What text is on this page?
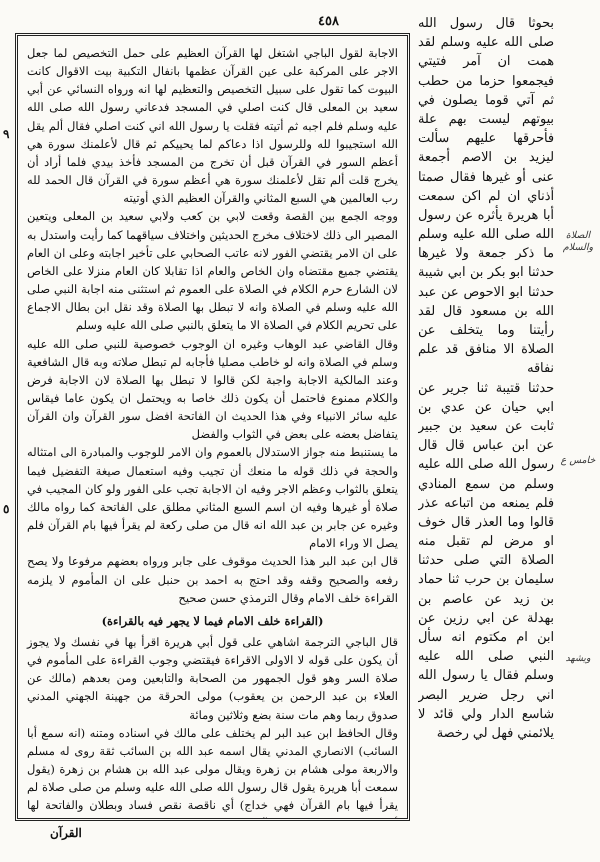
٤٥٨
٩
٥

الاجابة لقول الباجي اشتغل لها القرآن العظيم على حمل التخصيص لما جعل الاجر على المركبة على عين القرآن عظمها بانفال التكبية بيت الاقوال كانت البيوت كما تقول على سبيل التخصيص والتعظيم لها انه ورواه النسائي عن أبي سعيد بن المعلى قال كنت اصلي في المسجد فدعاني رسول الله صلى الله عليه وسلم فلم اجبه ثم أتيته فقلت يا رسول الله اني كنت اصلي فقال ألم يقل الله استجيبوا لله وللرسول اذا دعاكم لما يحييكم ثم قال لأعلمنك سورة هي أعظم السور في القرآن قبل أن تخرج من المسجد فأخذ بيدي فلما أراد أن يخرج قلت ألم تقل لأعلمنك سورة هي أعظم سورة في القرآن قال الحمد لله رب العالمين هي السبع المثاني والقرآن العظيم الذي أوتيته

ووجه الجمع بين القصة وقعت لابي بن كعب ولابي سعيد بن المعلى ويتعين المصير الى ذلك لاختلاف مخرج الحديثين واختلاف سياقهما كما رأيت واستدل به على ان الامر يقتضي الفور لانه عاتب الصحابي على تأخير اجابته وعلى ان العام يقتضي جميع مقتضاه وان الخاص والعام اذا تقابلا كان العام منزلا على الخاص لان الشارع حرم الكلام في الصلاة على العموم ثم استثنى منه اجابة النبي صلى الله عليه وسلم في الصلاة وانه لا تبطل بها الصلاة وقد نقل ابن بطال الاجماع على تحريم الكلام في الصلاة الا ما يتعلق بالنبي صلى الله عليه وسلم

وقال القاضي عبد الوهاب وغيره ان الوجوب خصوصية للنبي صلى الله عليه وسلم في الصلاة وانه لو خاطب مصليا فأجابه لم تبطل صلاته وبه قال الشافعية وعند المالكية الاجابة واجبة لكن قالوا لا تبطل بها الصلاة لان الاجابة فرض والكلام ممنوع فاحتمل أن يكون ذلك خاصا به ويحتمل ان يكون عاما فيقاس عليه سائر الانبياء وفي هذا الحديث ان الفاتحة افضل سور القرآن وان القرآن يتفاضل بعضه على بعض في الثواب والفضل

ما يستنبط منه جواز الاستدلال بالعموم وان الامر للوجوب والمبادرة الى امتثاله والحجة في ذلك قوله ما منعك أن تجيب وفيه استعمال صيغة التفضيل فيما يتعلق بالثواب وعظم الاجر وفيه ان الاجابة تجب على الفور ولو كان المجيب في صلاة أو غيرها وفيه ان اسم السبع المثاني مطلق على الفاتحة كما رواه مالك وغيره عن جابر بن عبد الله انه قال من صلى ركعة لم يقرأ فيها بام القرآن فلم يصل الا وراء الامام

قال ابن عبد البر هذا الحديث موقوف على جابر ورواه بعضهم مرفوعا ولا يصح رفعه والصحيح وقفه وقد احتج به احمد بن حنبل على ان المأموم لا يلزمه القراءة خلف الامام وقال الترمذي حسن صحيح

(القراءة خلف الامام فيما لا يجهر فيه بالقراءة)

قال الباجي الترجمة اشاهي على قول أبي هريرة اقرأ بها في نفسك ولا يجوز أن يكون على قوله لا الاولى الاقراءة فيقتضي وجوب القراءة على المأموم في صلاة السر وهو قول الجمهور من الصحابة والتابعين ومن بعدهم (مالك عن العلاء بن عبد الرحمن بن يعقوب) مولى الحرقة من جهينة الجهني المدني صدوق ربما وهم مات سنة بضع وثلاثين ومائة

وقال الحافظ ابن عبد البر لم يختلف على مالك في اسناده ومتنه (انه سمع أبا السائب) الانصاري المدني يقال اسمه عبد الله بن السائب ثقة روى له مسلم والاربعة مولى هشام بن زهرة ويقال مولى عبد الله بن هشام بن زهرة (يقول سمعت أبا هريرة يقول قال رسول الله صلى الله عليه وسلم من صلى صلاة لم يقرأ فيها بام القرآن فهي خداج) أي ناقصة نقص فساد وبطلان والفاتحة لها

بحوثا قال رسول الله صلى الله عليه وسلم لقد همت ان آمر فتيتي فيجمعوا حزما من حطب ثم آتي قوما يصلون في بيوتهم ليست بهم علة فأحرقها عليهم سألت ليزيد بن الاصم أجمعة عنى أو غيرها فقال صمتا أذناي ان لم اكن سمعت أبا هريرة يأثره عن رسول الله صلى الله عليه وسلم ما ذكر جمعة ولا غيرها حدثنا ابو بكر بن ابي شيبة حدثنا ابو الاحوص عن عبد الله بن مسعود قال لقد رأيتنا وما يتخلف عن الصلاة الا منافق قد علم نفاقه

حدثنا قتيبة ثنا جرير عن ابي حيان عن عدي بن ثابت عن سعيد بن جبير عن ابن عباس قال قال رسول الله صلى الله عليه وسلم من سمع المنادي فلم يمنعه من اتباعه عذر قالوا وما العذر قال خوف او مرض لم تقبل منه الصلاة التي صلى حدثنا سليمان بن حرب ثنا حماد بن زيد عن عاصم بن بهدلة عن ابي رزين عن ابن ام مكتوم انه سأل النبي صلى الله عليه وسلم فقال يا رسول الله اني رجل ضرير البصر شاسع الدار ولي قائد لا يلائمني فهل لي رخصة

الصلاة والسلام
خامس ع
ويشهد
القرآن
